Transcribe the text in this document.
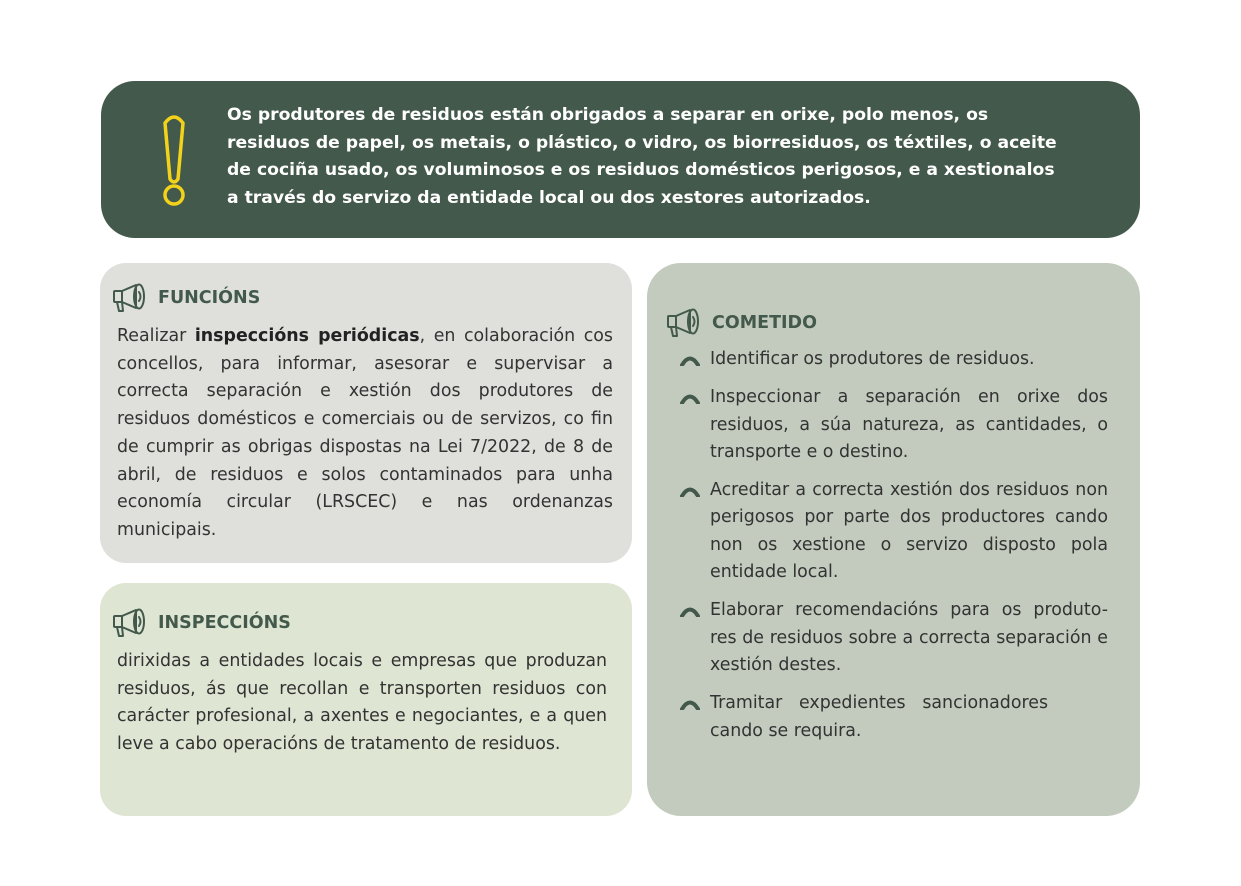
Os produtores de residuos están obrigados a separar en orixe, polo menos, os residuos de papel, os metais, o plástico, o vidro, os biorresiduos, os téxtiles, o aceite de cociña usado, os voluminosos e os residuos domésticos perigosos, e a xestionalos a través do servizo da entidade local ou dos xestores autorizados.

FUNCIÓNS

Realizar inspeccións periódicas, en colaboración cos concellos, para informar, asesorar e supervisar a correcta separación e xestión dos produtores de residuos domésticos e comerciais ou de servizos, co fin de cumprir as obrigas dispostas na Lei 7/2022, de 8 de abril, de residuos e solos contaminados para unha economía circular (LRSCEC) e nas ordenanzas municipais.

INSPECCIÓNS

dirixidas a entidades locais e empresas que produzan residuos, ás que recollan e transporten residuos con carácter profesional, a axentes e negociantes, e a quen leve a cabo operacións de tratamento de residuos.

COMETIDO
Identificar os produtores de residuos.
Inspeccionar a separación en orixe dos residuos, a súa natureza, as cantidades, o transporte e o destino.
Acreditar a correcta xestión dos residuos non perigosos por parte dos productores cando non os xestione o servizo disposto pola entidade local.
Elaborar recomendacións para os produto-res de residuos sobre a correcta separación e xestión destes.
Tramitar expedientes sancionadores cando se requira.
